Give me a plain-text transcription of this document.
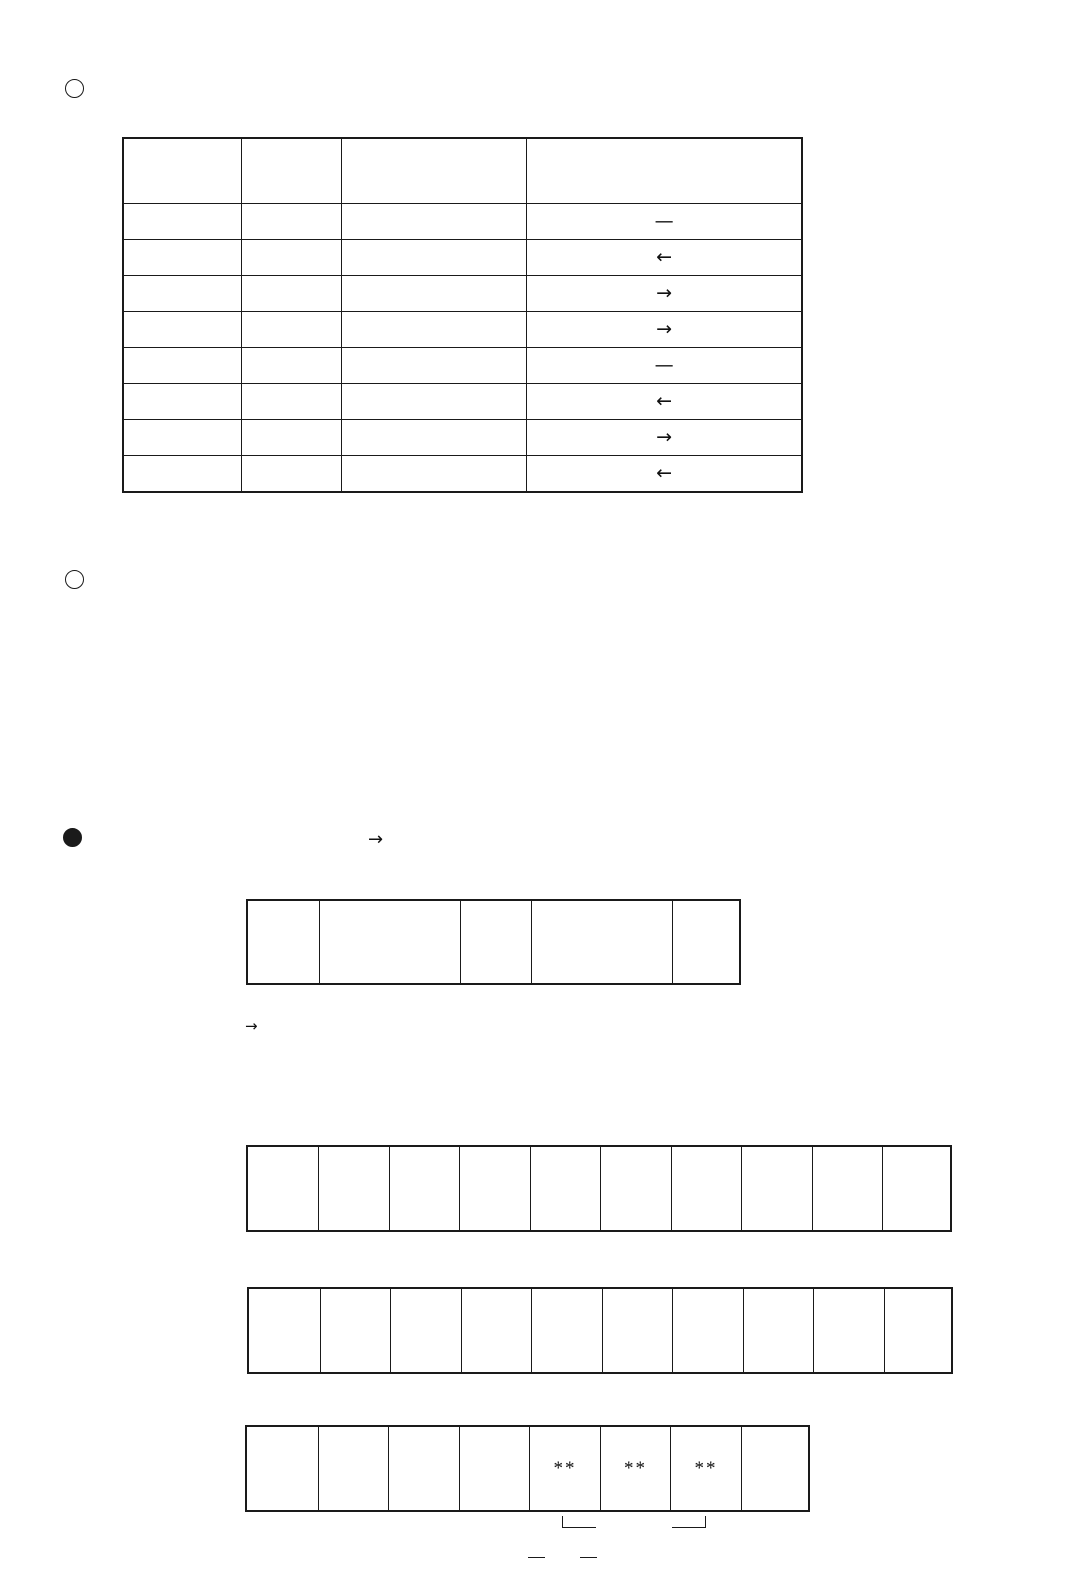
			—
			←
			→
			→
			—
			←
			→
			←
→
→
**	**	**
